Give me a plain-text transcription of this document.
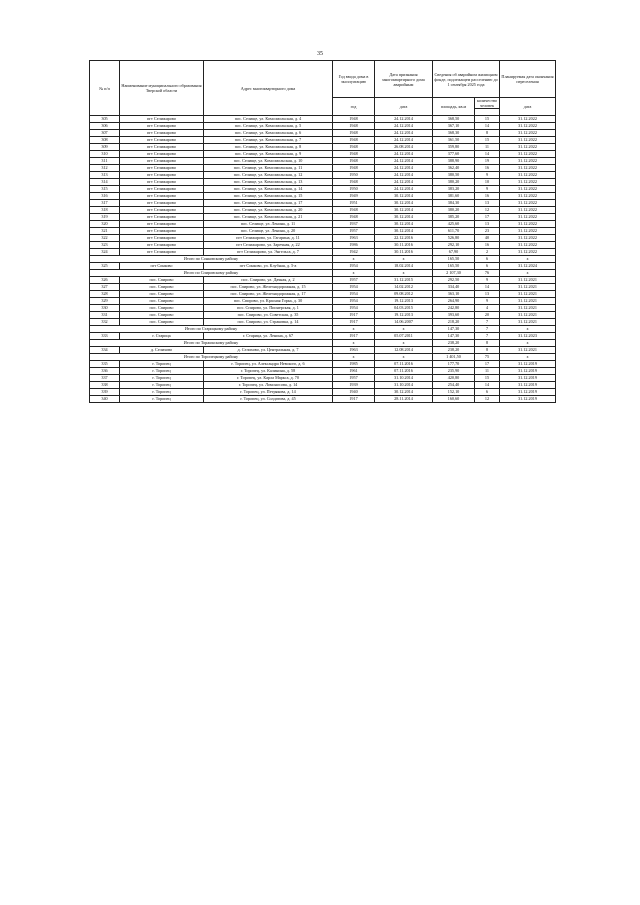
35
№ п/п	Наименование муниципального образования Тверской области	Адрес многоквартирного дома	Год ввода дома в эксплуатацию	Дата признания многоквартирного дома аварийным	Сведения об аварийном жилищном фонде, подлежащем расселению до 1 сентября 2025 года		Планируемая дата окончания переселения
			год	дата	площадь, кв.м	количество человек	дата

305	пгт Селижарово	пос. Селище, ул. Комсомольская, д. 4	1948	24.12.2014	368,50	15	31.12.2022
306	пгт Селижарово	пос. Селище, ул. Комсомольская, д. 5	1948	24.12.2014	367,10	14	31.12.2022
307	пгт Селижарово	пос. Селище, ул. Комсомольская, д. 6	1948	24.12.2014	368,30	8	31.12.2022
308	пгт Селижарово	пос. Селище, ул. Комсомольская, д. 7	1948	24.12.2014	361,50	15	31.12.2022
309	пгт Селижарово	пос. Селище, ул. Комсомольская, д. 8	1948	26.08.2014	359,80	11	31.12.2022
310	пгт Селижарово	пос. Селище, ул. Комсомольская, д. 9	1948	24.12.2014	377,60	14	31.12.2022
311	пгт Селижарово	пос. Селище, ул. Комсомольская, д. 10	1948	24.12.2014	388,90	19	31.12.2022
312	пгт Селижарово	пос. Селище, ул. Комсомольская, д. 11	1948	24.12.2014	362,40	16	31.12.2022
313	пгт Селижарово	пос. Селище, ул. Комсомольская, д. 12	1950	24.12.2014	380,50	9	31.12.2022
314	пгт Селижарово	пос. Селище, ул. Комсомольская, д. 13	1948	24.12.2014	380,20	10	31.12.2022
315	пгт Селижарово	пос. Селище, ул. Комсомольская, д. 14	1950	24.12.2014	383,20	9	31.12.2022
316	пгт Селижарово	пос. Селище, ул. Комсомольская, д. 15	1949	30.12.2014	381,60	16	31.12.2022
317	пгт Селижарово	пос. Селище, ул. Комсомольская, д. 17	1951	30.12.2014	384,30	13	31.12.2022
318	пгт Селижарово	пос. Селище, ул. Комсомольская, д. 20	1948	30.12.2014	380,20	12	31.12.2022
319	пгт Селижарово	пос. Селище, ул. Комсомольская, д. 21	1948	30.12.2014	385,20	17	31.12.2022
320	пгт Селижарово	пос. Селище, ул. Ленина, д. 11	1937	30.12.2014	425,60	13	31.12.2022
321	пгт Селижарово	пос. Селище, ул. Ленина, д. 20	1957	30.12.2014	611,70	23	31.12.2022
322	пгт Селижарово	пгт Селижарово, ул. Гагарина, д. 11	1963	22.12.2016	526,80	40	31.12.2022
323	пгт Селижарово	пгт Селижарово, ул. Заречная, д. 22	1986	30.11.2016	292,10	16	31.12.2022
324	пгт Селижарово	пгт Селижарово, ул. Энгельса, д. 7	1942	30.11.2016	67,90	2	31.12.2022
Итого по Сонковскому району			x	x	165,50	6	x
325	пгт Сонково	пгт Сонково, ул. Клубная, д. 5-а	1954	18.02.2014	165,50	6	31.12.2024
Итого по Спировскому району			x	x	2 107,30	76	x
326	пос. Спирово	пос. Спирово, ул. Дачная, д. 2	1957	31.12.2015	292,50	9	31.12.2021
327	пос. Спирово	пос. Спирово, ул. Железнодорожная, д. 15	1954	14.02.2012	334,40	14	31.12.2021
328	пос. Спирово	пос. Спирово, ул. Железнодорожная, д. 17	1954	09.08.2012	363,10	13	31.12.2021
329	пос. Спирово	пос. Спирово, ул. Красная Горка, д. 30	1954	19.12.2013	264,90	9	31.12.2021
330	пос. Спирово	пос. Спирово, ул. Пионерская, д. 1	1954	04.03.2015	242,80	4	31.12.2021
331	пос. Спирово	пос. Спирово, ул. Советская, д. 35	1917	19.12.2013	393,60	20	31.12.2021
332	пос. Спирово	пос. Спирово, ул. Страковка, д. 14	1917	14.06.2007	218,20	7	31.12.2021
Итого по Старицкому району			x	x	147,30	7	x
333	г. Старица	г. Старица, ул. Ленина, д. 67	1917	05.07.2011	147,30	7	31.12.2023
Итого по Торжокскому району			x	x	238,20	8	x
334	д. Селихово	д. Селихово, ул. Центральная, д. 7	1963	12.08.2014	238,20	8	31.12.2021
Итого по Торопецкому району			x	x	1 401,50	75	x
335	г. Торопец	г. Торопец, ул. Александра Невского, д. 6	1985	07.11.2016	177,70	17	31.12.2019
336	г. Торопец	г. Торопец, ул. Калинина, д. 58	1961	07.11.2016	235,90	11	31.12.2019
337	г. Торопец	г. Торопец, ул. Карла Маркса, д. 70	1957	31.10.2014	420,80	15	31.12.2019
338	г. Торопец	г. Торопец, ул. Ломоносова, д. 14	1939	31.10.2014	254,40	14	31.12.2019
339	г. Торопец	г. Торопец, ул. Петрякова, д. 14	1940	30.12.2014	152,10	6	31.12.2019
340	г. Торопец	г. Торопец, ул. Солдатова, д. 45	1917	28.11.2014	160,60	12	31.12.2019
